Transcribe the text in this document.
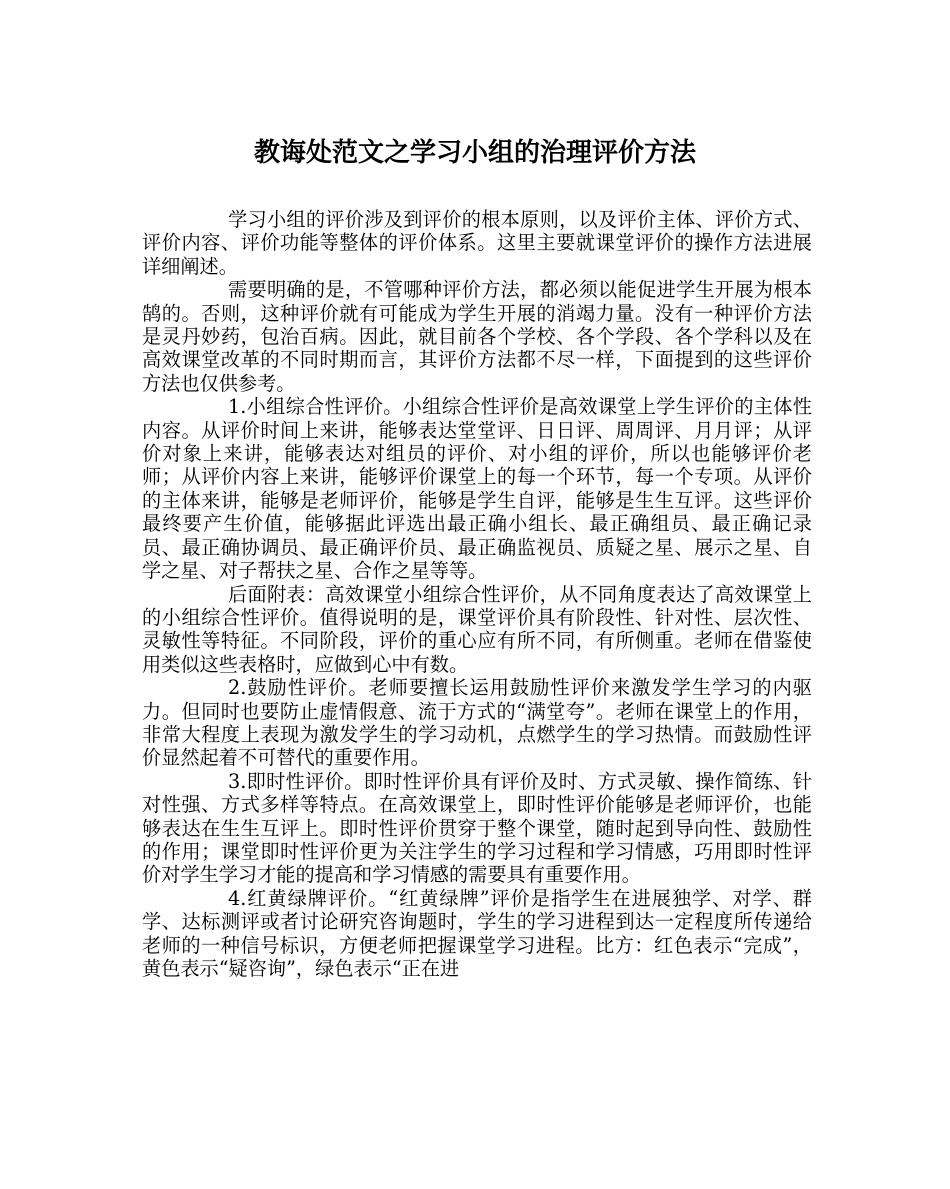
教诲处范文之学习小组的治理评价方法

学习小组的评价涉及到评价的根本原则，以及评价主体、评价方式、评价内容、评价功能等整体的评价体系。这里主要就课堂评价的操作方法进展详细阐述。

需要明确的是，不管哪种评价方法，都必须以能促进学生开展为根本鹄的。否则，这种评价就有可能成为学生开展的消竭力量。没有一种评价方法是灵丹妙药，包治百病。因此，就目前各个学校、各个学段、各个学科以及在高效课堂改革的不同时期而言，其评价方法都不尽一样，下面提到的这些评价方法也仅供参考。

1.小组综合性评价。小组综合性评价是高效课堂上学生评价的主体性内容。从评价时间上来讲，能够表达堂堂评、日日评、周周评、月月评；从评价对象上来讲，能够表达对组员的评价、对小组的评价，所以也能够评价老师；从评价内容上来讲，能够评价课堂上的每一个环节，每一个专项。从评价的主体来讲，能够是老师评价，能够是学生自评，能够是生生互评。这些评价最终要产生价值，能够据此评选出最正确小组长、最正确组员、最正确记录员、最正确协调员、最正确评价员、最正确监视员、质疑之星、展示之星、自学之星、对子帮扶之星、合作之星等等。

后面附表：高效课堂小组综合性评价，从不同角度表达了高效课堂上的小组综合性评价。值得说明的是，课堂评价具有阶段性、针对性、层次性、灵敏性等特征。不同阶段，评价的重心应有所不同，有所侧重。老师在借鉴使用类似这些表格时，应做到心中有数。

2.鼓励性评价。老师要擅长运用鼓励性评价来激发学生学习的内驱力。但同时也要防止虚情假意、流于方式的“满堂夸”。老师在课堂上的作用，非常大程度上表现为激发学生的学习动机，点燃学生的学习热情。而鼓励性评价显然起着不可替代的重要作用。

3.即时性评价。即时性评价具有评价及时、方式灵敏、操作简练、针对性强、方式多样等特点。在高效课堂上，即时性评价能够是老师评价，也能够表达在生生互评上。即时性评价贯穿于整个课堂，随时起到导向性、鼓励性的作用；课堂即时性评价更为关注学生的学习过程和学习情感，巧用即时性评价对学生学习才能的提高和学习情感的需要具有重要作用。

4.红黄绿牌评价。“红黄绿牌”评价是指学生在进展独学、对学、群学、达标测评或者讨论研究咨询题时，学生的学习进程到达一定程度所传递给老师的一种信号标识，方便老师把握课堂学习进程。比方：红色表示“完成”，黄色表示“疑咨询”，绿色表示“正在进
